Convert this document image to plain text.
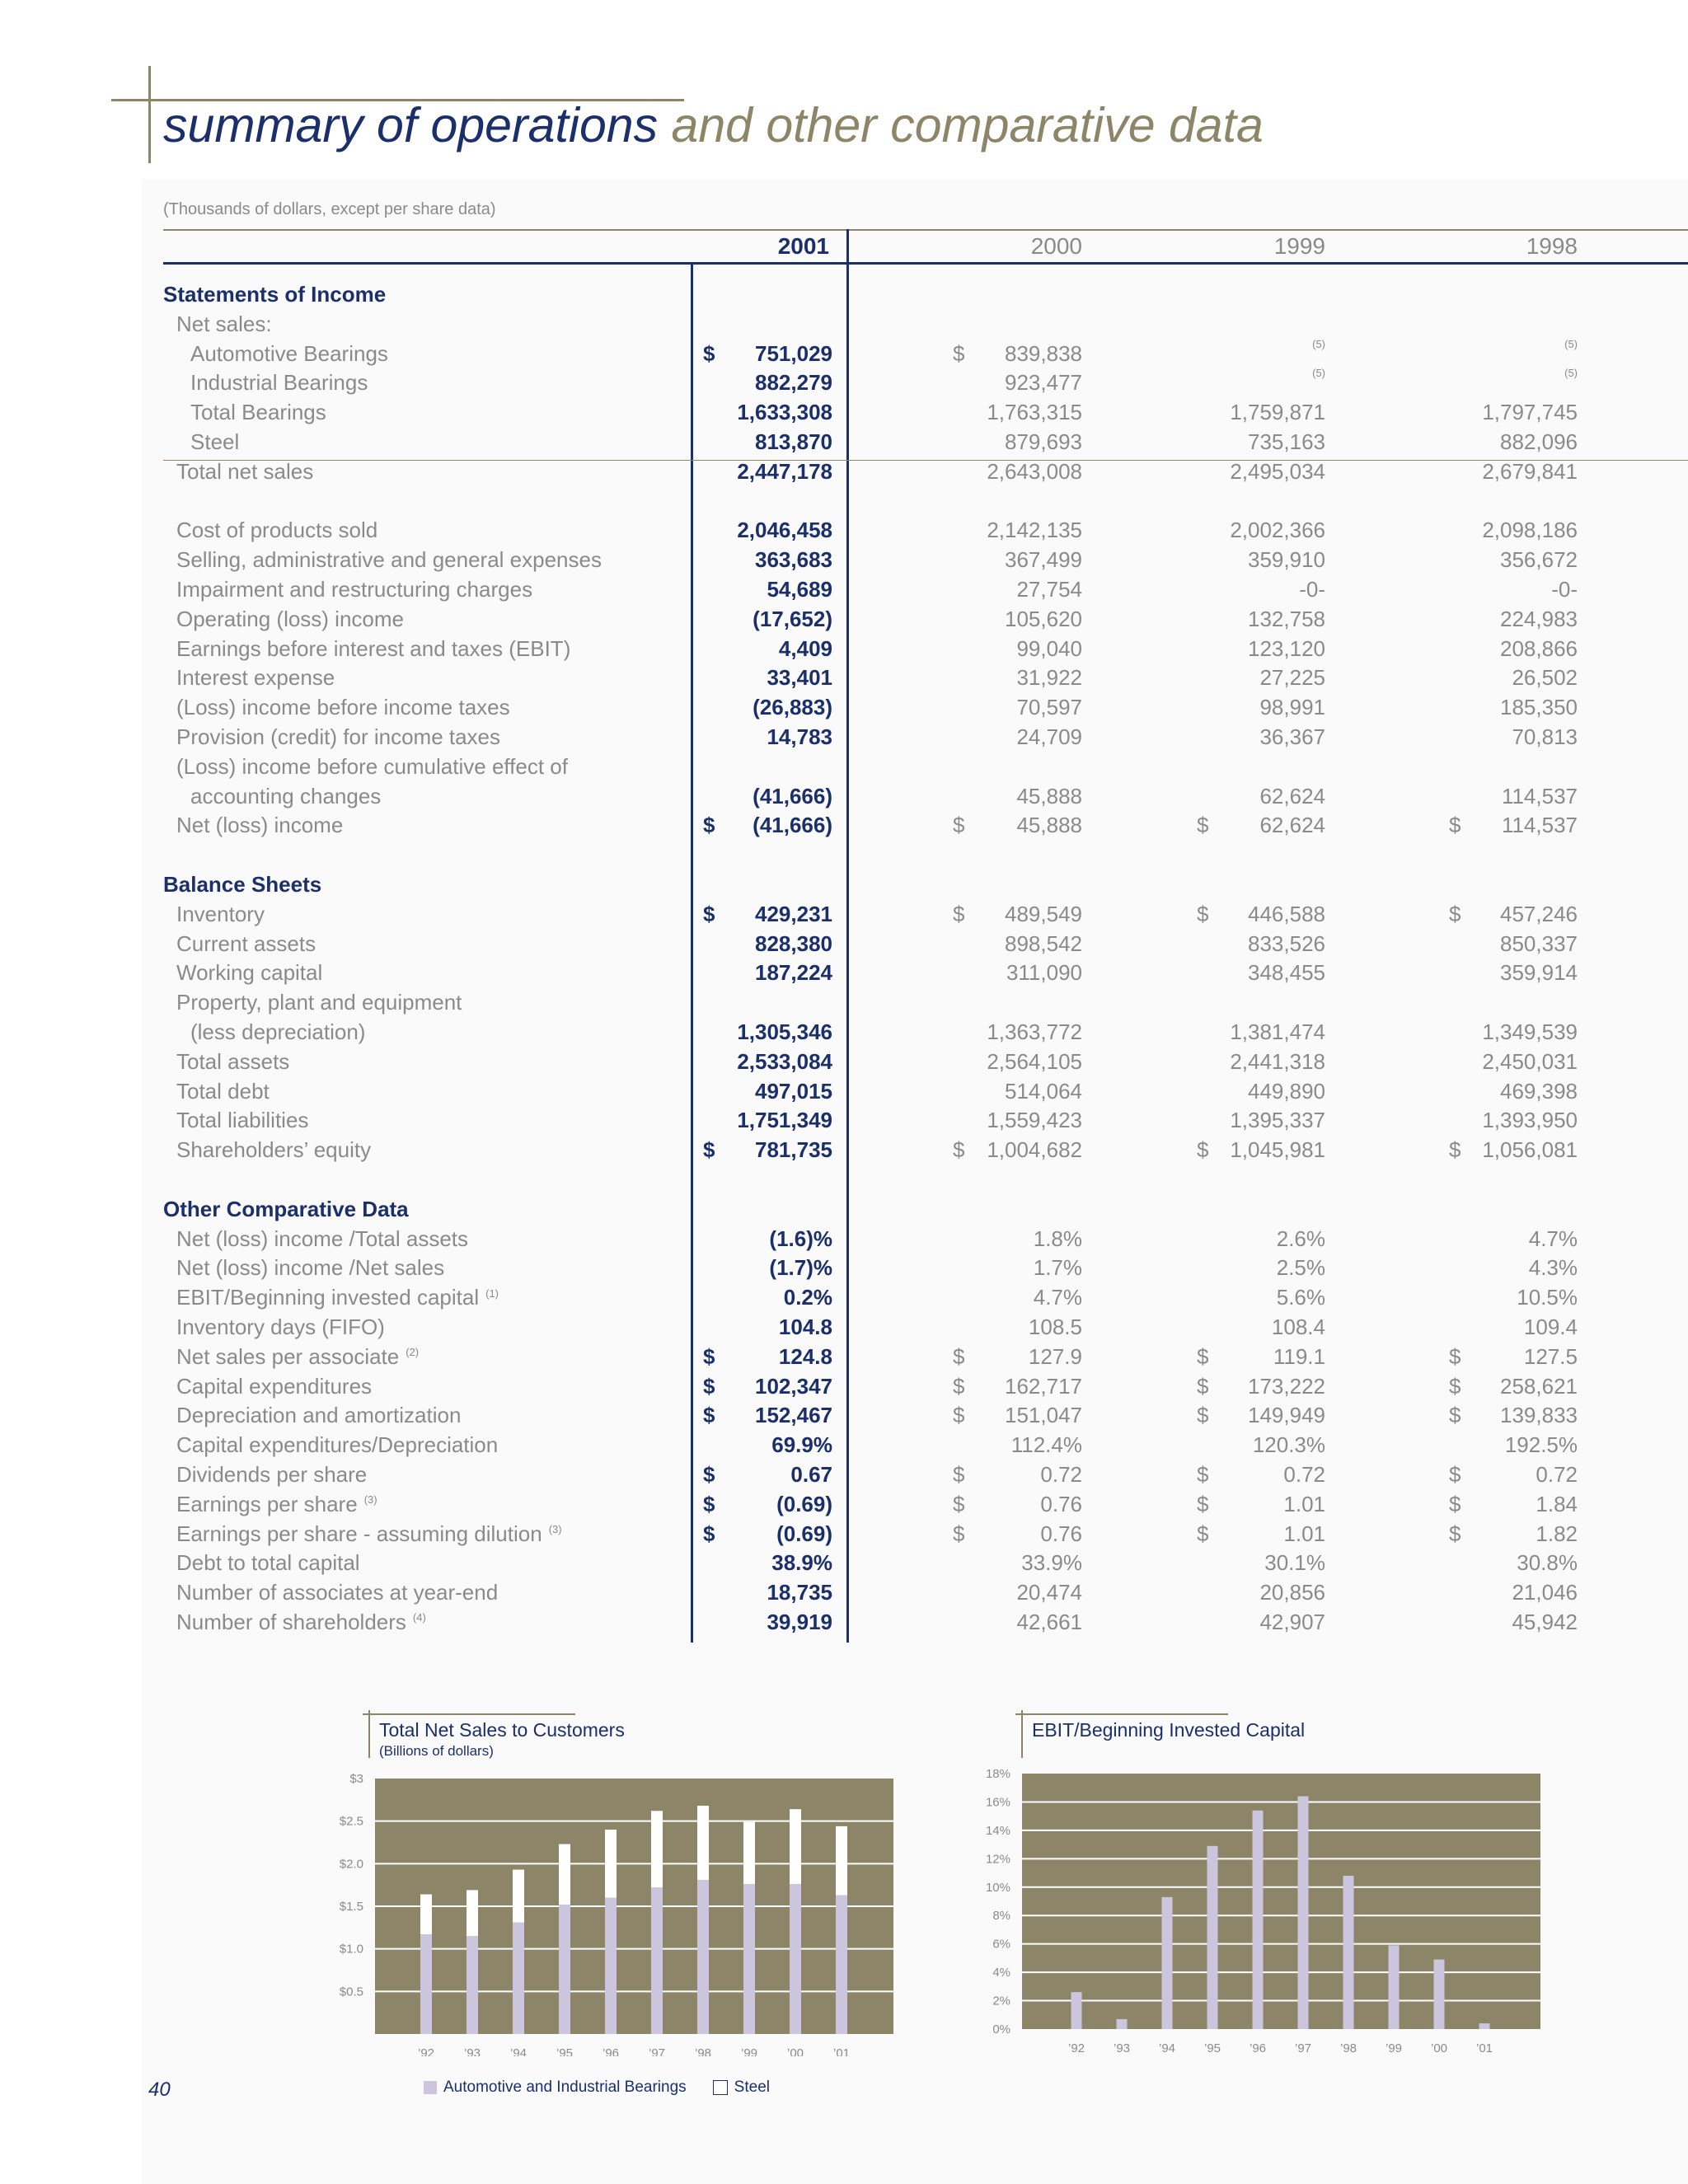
summary of operations and other comparative data
(Thousands of dollars, except per share data)
2001	2000	1999	1998
Statements of Income
Net sales:
Automotive Bearings	$	751,029	$	839,838	(5)	(5)
Industrial Bearings	882,279	923,477	(5)	(5)
Total Bearings	1,633,308	1,763,315	1,759,871	1,797,745
Steel	813,870	879,693	735,163	882,096
Total net sales	2,447,178	2,643,008	2,495,034	2,679,841
Cost of products sold	2,046,458	2,142,135	2,002,366	2,098,186
Selling, administrative and general expenses	363,683	367,499	359,910	356,672
Impairment and restructuring charges	54,689	27,754	-0-	-0-
Operating (loss) income	(17,652)	105,620	132,758	224,983
Earnings before interest and taxes (EBIT)	4,409	99,040	123,120	208,866
Interest expense	33,401	31,922	27,225	26,502
(Loss) income before income taxes	(26,883)	70,597	98,991	185,350
Provision (credit) for income taxes	14,783	24,709	36,367	70,813
(Loss) income before cumulative effect of
accounting changes	(41,666)	45,888	62,624	114,537
Net (loss) income	$	(41,666)	$	45,888	$	62,624	$	114,537
Balance Sheets
Inventory	$	429,231	$	489,549	$	446,588	$	457,246
Current assets	828,380	898,542	833,526	850,337
Working capital	187,224	311,090	348,455	359,914
Property, plant and equipment
(less depreciation)	1,305,346	1,363,772	1,381,474	1,349,539
Total assets	2,533,084	2,564,105	2,441,318	2,450,031
Total debt	497,015	514,064	449,890	469,398
Total liabilities	1,751,349	1,559,423	1,395,337	1,393,950
Shareholders’ equity	$	781,735	$	1,004,682	$ 1,045,981	$ 1,056,081
Other Comparative Data
Net (loss) income /Total assets	(1.6)%	1.8%	2.6%	4.7%
Net (loss) income /Net sales	(1.7)%	1.7%	2.5%	4.3%
EBIT/Beginning invested capital $^{(1)}$	0.2%	4.7%	5.6%	10.5%
Inventory days (FIFO)	104.8	108.5	108.4	109.4
Net sales per associate $^{(2)}$	$	124.8	$	127.9	$	119.1	$	127.5
Capital expenditures	$	102,347	$	162,717	$	173,222	$	258,621
Depreciation and amortization	$	152,467	$	151,047	$	149,949	$	139,833
Capital expenditures/Depreciation	69.9%	112.4%	120.3%	192.5%
Dividends per share	$	0.67	$	0.72	$	0.72	$	0.72
Earnings per share $^{(3)}$	$	(0.69)	$	0.76	$	1.01	$	1.84
Earnings per share - assuming dilution $^{(3)}$	$	(0.69)	$	0.76	$	1.01	$	1.82
Debt to total capital	38.9%	33.9%	30.1%	30.8%
Number of associates at year-end	18,735	20,474	20,856	21,046
Number of shareholders $^{(4)}$	39,919	42,661	42,907	45,942
Total Net Sales to Customers
(Billions of dollars)
$0.5
$1.0
$1.5
$2.0
$2.5
$3
’92 ’93 ’94 ’95 ’96 ’97 ’98 ’99 ’00 ’01
EBIT/Beginning Invested Capital
0%
2%
4%
6%
8%
10%
12%
14%
16%
18%
’92 ’93 ’94 ’95 ’96 ’97 ’98 ’99 ’00 ’01
40	Automotive and Industrial Bearings	Steel
